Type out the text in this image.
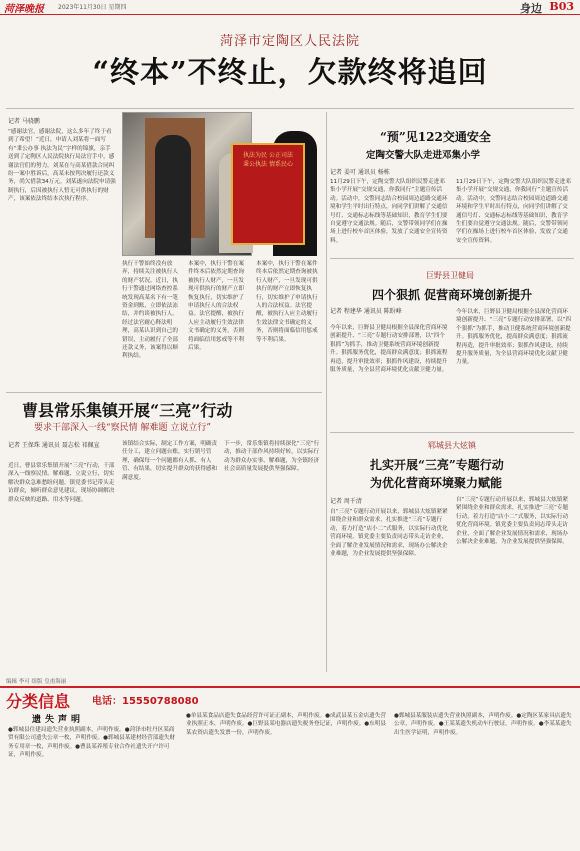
菏泽晚报 2023年11月30日 星期四	身边 B03
菏泽市定陶区人民法院
“终本”不终止，欠款终将追回
记者 马骁鹏
“感谢法官，感谢法院，这么多年了终于看到了希望！”近日，申请人刘某将一面写有“秉公办事 执法为民”字样的锦旗，亲手送到了定陶区人民法院执行局法官手中，感谢法官们的努力。刘某在与高某借款合同纠纷一案中胜诉后，高某未按判决履行还款义务，尚欠借款34万元。刘某遂向法院申请强制执行，后因被执行人暂无可供执行的财产，该案依法终结本次执行程序。
执法为民 公正司法 秉公执法 情系民心
执行干警始终没有放弃，持续关注被执行人的财产状况。近日，执行干警通过网络查控系统发现高某名下有一笔资金到账，立即依法冻结，并约谈被执行人。经过法官耐心释法明理，高某认识到自己的错误，主动履行了全部还款义务，该案得以顺利执结。
本案中，执行干警在案件终本后依然定期查询被执行人财产，一旦发现可供执行的财产立即恢复执行，切实维护了申请执行人的合法权益。法官提醒，被执行人应主动履行生效法律文书确定的义务，否则将面临信用惩戒等不利后果。
本案中，执行干警在案件终本后依然定期查询被执行人财产，一旦发现可供执行的财产立即恢复执行，切实维护了申请执行人的合法权益。法官提醒，被执行人应主动履行生效法律文书确定的义务，否则将面临信用惩戒等不利后果。
“预”见122交通安全
定陶交警大队走进邓集小学
记者 姜可 通讯员 杨栋
11月29日下午，定陶交警大队组织民警走进邓集小学开展“交规交通，你我同行”主题宣传活动。活动中，交警同志结合校园周边道路交通环境和学生平时出行特点，向同学们讲解了交通信号灯、交通标志标线等基础知识，教育学生们要自觉遵守交通法规。随后，交警带领同学们在操场上进行校车首区体验，发放了交通安全宣传资料。
11月29日下午，定陶交警大队组织民警走进邓集小学开展“交规交通，你我同行”主题宣传活动。活动中，交警同志结合校园周边道路交通环境和学生平时出行特点，向同学们讲解了交通信号灯、交通标志标线等基础知识，教育学生们要自觉遵守交通法规。随后，交警带领同学们在操场上进行校车首区体验，发放了交通安全宣传资料。
巨野县卫健局
四个狠抓 促营商环境创新提升
记者 程建华 通讯员 陈盼峰
今年以来，巨野县卫健局根据全县深化营商环境创新提升、“三亮”专题行动安排部署，以“四个狠抓”为抓手，推动卫健系统营商环境创新提升。狠抓服务优化，提高群众满意度；狠抓流程再造，提升审批效率；狠抓作风建设，持续提升服务质量，为全县营商环境优化贡献卫健力量。
今年以来，巨野县卫健局根据全县深化营商环境创新提升、“三亮”专题行动安排部署，以“四个狠抓”为抓手，推动卫健系统营商环境创新提升。狠抓服务优化，提高群众满意度；狠抓流程再造，提升审批效率；狠抓作风建设，持续提升服务质量，为全县营商环境优化贡献卫健力量。
郓城县大炫镇
扎实开展“三亮”专题行动
为优化营商环境聚力赋能
记者 周千清
自“三亮”专题行动开展以来，郓城县大炫镇紧紧围绕企业和群众需求，扎实推进“三亮”专题行动，着力打造“店小二”式服务，以实际行动优化营商环境。镇党委主要负责同志带头走访企业，全面了解企业发展情况和需求，现场办公解决企业难题，为企业发展提供坚强保障。
自“三亮”专题行动开展以来，郓城县大炫镇紧紧围绕企业和群众需求，扎实推进“三亮”专题行动，着力打造“店小二”式服务，以实际行动优化营商环境。镇党委主要负责同志带头走访企业，全面了解企业发展情况和需求，现场办公解决企业难题，为企业发展提供坚强保障。
曹县常乐集镇开展“三亮”行动
要求干部深入一线“察民情 解难题 立说立行”
记者 王保珠 通讯员 聂志松 祁佩宣
近日，曹县常乐集镇开展“三亮”行动，干部深入一线察民情、解难题、立说立行，切实解决群众急难愁盼问题。镇党委书记带头走访群众，倾听群众意见建议，现场协调解决群众反映的道路、用水等问题。
该镇结合实际，制定工作方案，明确责任分工，建立问题台账，实行销号管理，确保每一个问题都有人抓、有人管、有结果，切实提升群众的获得感和满意度。
下一步，常乐集镇将持续深化“三亮”行动，推动干部作风持续好转，以实际行动为群众办实事、解难题，为全镇经济社会高质量发展提供坚强保障。
编辑 李可 组版 皇甫海丽
分类信息 电话：15550788080
遗失声明
●郓城县住建局遗失营业执照副本，声明作废。●菏泽市牡丹区某商贸有限公司遗失公章一枚，声明作废。●郓城县某建材经营部遗失财务专用章一枚，声明作废。●曹县某养殖专业合作社遗失开户许可证，声明作废。
●单县某食品店遗失食品经营许可证正副本，声明作废。●成武县某五金店遗失营业执照正本，声明作废。●巨野县某电器店遗失税务登记证，声明作废。●东明县某农资店遗失发票一份，声明作废。
●鄄城县某服装店遗失营业执照副本，声明作废。●定陶区某家具店遗失公章，声明作废。●王某某遗失机动车行驶证，声明作废。●李某某遗失出生医学证明，声明作废。
